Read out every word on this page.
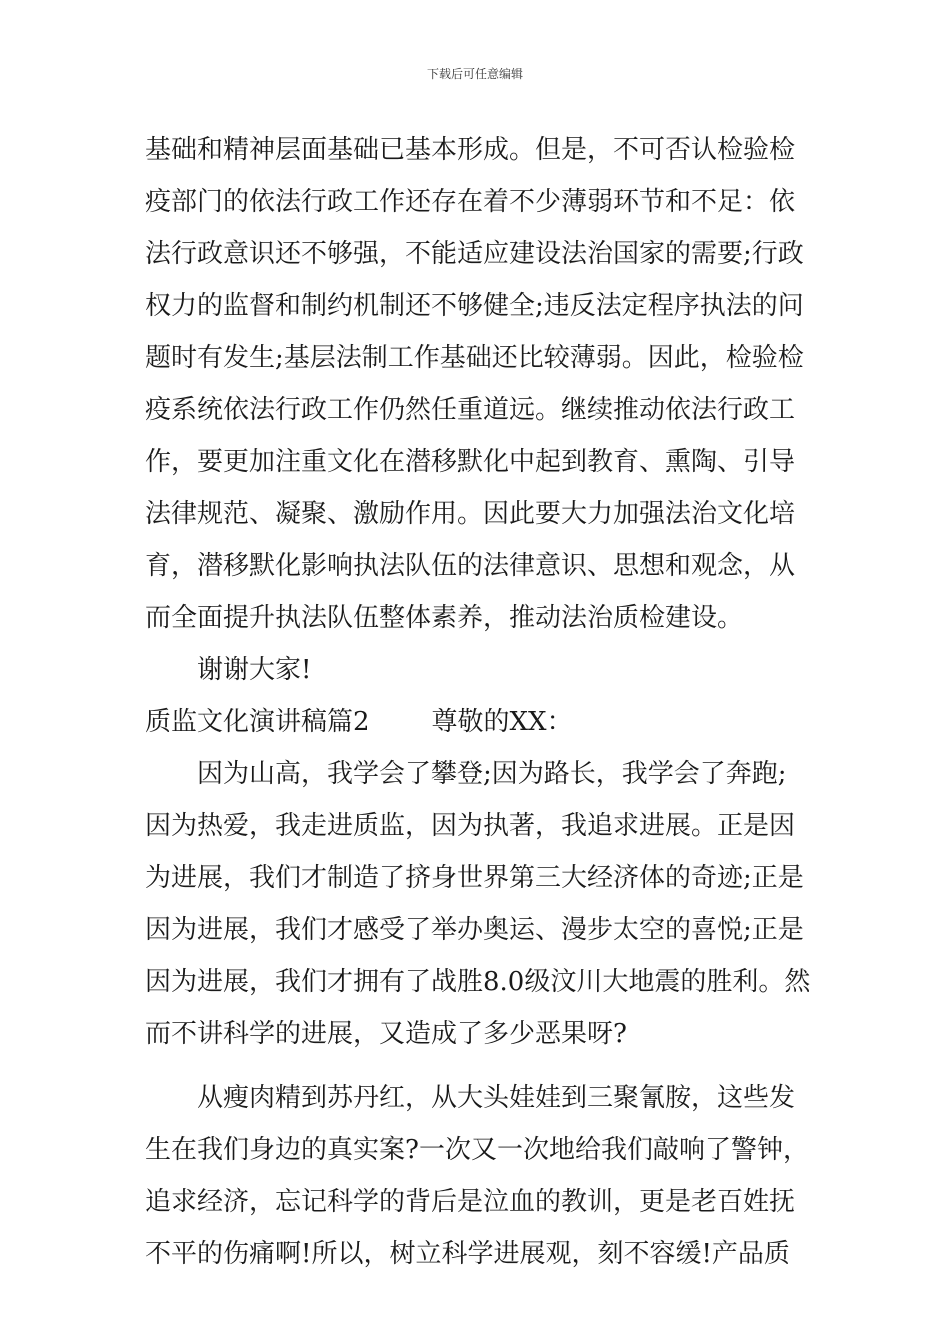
下载后可任意编辑
基础和精神层面基础已基本形成。但是，不可否认检验检
疫部门的依法行政工作还存在着不少薄弱环节和不足：依
法行政意识还不够强，不能适应建设法治国家的需要;行政
权力的监督和制约机制还不够健全;违反法定程序执法的问
题时有发生;基层法制工作基础还比较薄弱。因此，检验检
疫系统依法行政工作仍然任重道远。继续推动依法行政工
作，要更加注重文化在潜移默化中起到教育、熏陶、引导
法律规范、凝聚、激励作用。因此要大力加强法治文化培
育，潜移默化影响执法队伍的法律意识、思想和观念，从
而全面提升执法队伍整体素养，推动法治质检建设。
谢谢大家!
质监文化演讲稿篇2 尊敬的XX：
因为山高，我学会了攀登;因为路长，我学会了奔跑;
因为热爱，我走进质监，因为执著，我追求进展。正是因
为进展，我们才制造了挤身世界第三大经济体的奇迹;正是
因为进展，我们才感受了举办奥运、漫步太空的喜悦;正是
因为进展，我们才拥有了战胜8.0级汶川大地震的胜利。然
而不讲科学的进展，又造成了多少恶果呀?
从瘦肉精到苏丹红，从大头娃娃到三聚氰胺，这些发
生在我们身边的真实案?一次又一次地给我们敲响了警钟，
追求经济，忘记科学的背后是泣血的教训，更是老百姓抚
不平的伤痛啊!所以，树立科学进展观，刻不容缓!产品质
